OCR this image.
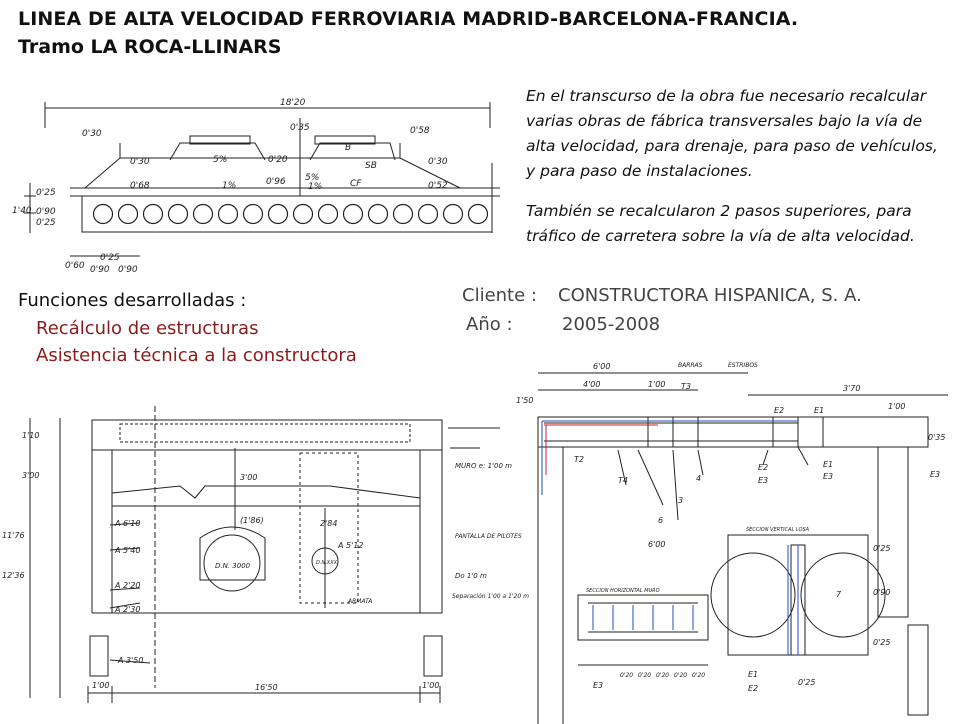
LINEA DE ALTA VELOCIDAD FERROVIARIA MADRID-BARCELONA-FRANCIA.
Tramo LA ROCA-LLINARS

En el transcurso de la obra fue necesario recalcular varias obras de fábrica transversales bajo la vía de alta velocidad, para drenaje, para paso de vehículos, y para paso de instalaciones.

También se recalcularon 2 pasos superiores, para tráfico de carretera sobre la vía de alta velocidad.

Funciones desarrolladas :
Recálculo de estructuras
Asistencia técnica a la constructora
Cliente : CONSTRUCTORA HISPANICA, S. A.
Año :	2005-2008
18'20
0'30
0'35	0'58
0'30
0'20
0'30
0'96
0'68	0'52
5%
5%
1%	1%	CF
B
SB
0'25
1'40 0'90
0'25
0'60
0'25
0'90 0'90
1'10
3'00	3'00
(1'86)	2'84
A 5'12
11'76
A 6'10
A 5'40
12'36
A 2'20
A 2'30
A 3'50
D.N. 3000	D.N.XXX
ARMATA
1'00	16'50	1'00
MURO e: 1'00 m
PANTALLA DE PILOTES
Do 1'0 m
Separación 1'00 a 1'20 m
6'00
4'00	1'00
1'50
BARRAS	ESTRIBOS
T3	3'70
E2	E1	1'00
0'35
E3
T2
T4
3
4
E2	E1
E3	E3
6
6'00
SECCION VERTICAL LOSA
SECCION HORIZONTAL MURO	7
0'25
0'90
0'25
E3
0'20 0'20 0'20 0'20 0'20	E1
E2
0'25
